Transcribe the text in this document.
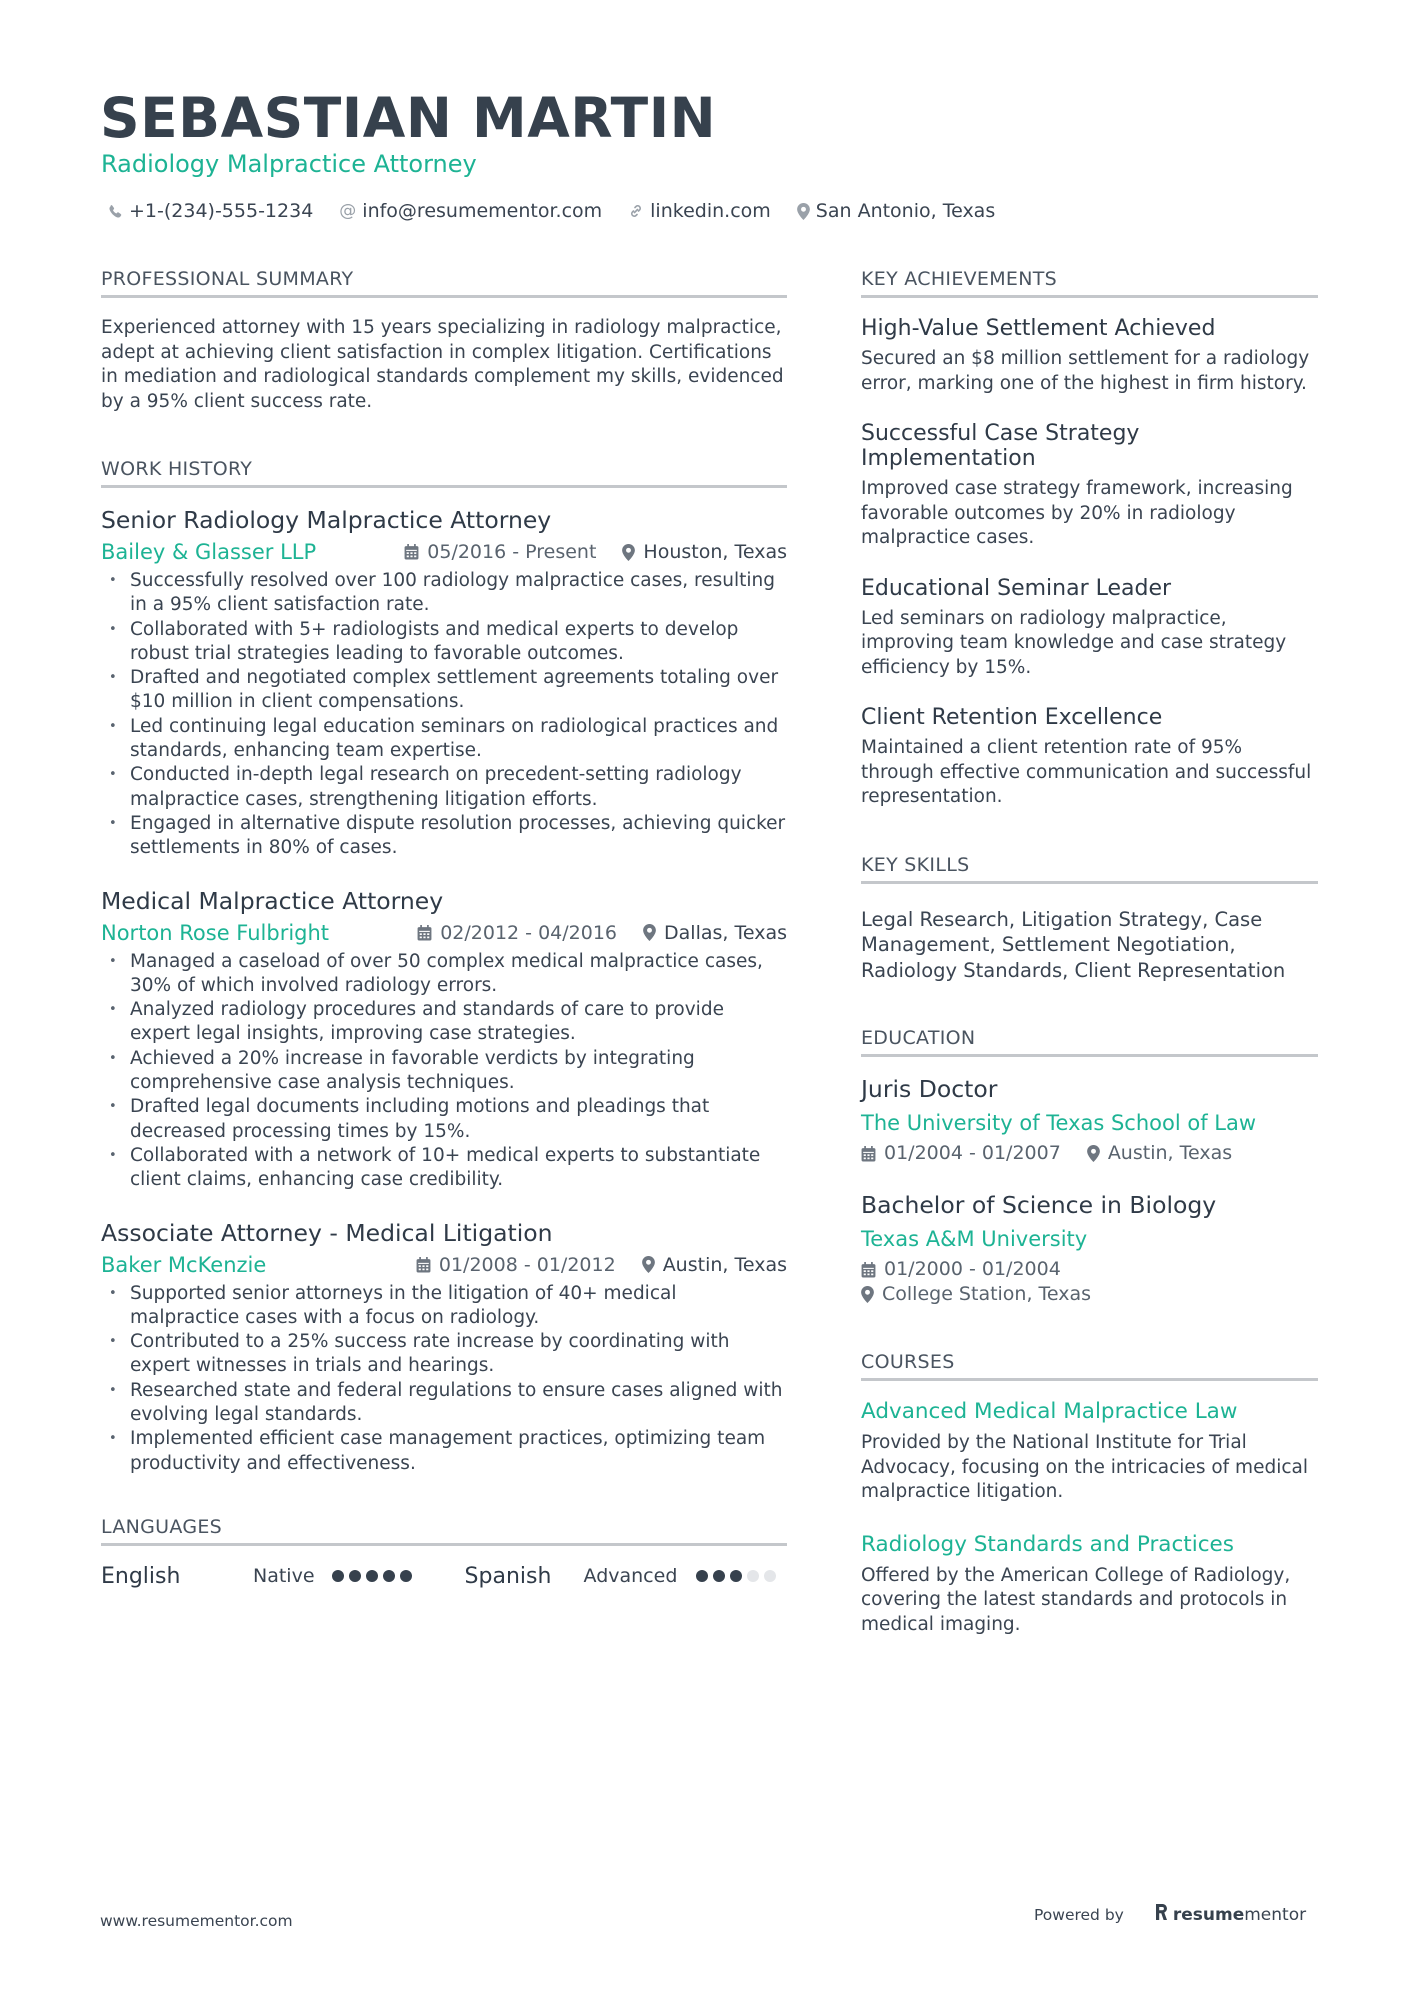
SEBASTIAN MARTIN
Radiology Malpractice Attorney
+1-(234)-555-1234 @ info@resumementor.com	linkedin.com San Antonio, Texas
PROFESSIONAL SUMMARY

Experienced attorney with 15 years specializing in radiology malpractice, adept at achieving client satisfaction in complex litigation. Certifications in mediation and radiological standards complement my skills, evidenced by a 95% client success rate.

WORK HISTORY
Senior Radiology Malpractice Attorney
Bailey & Glasser LLP	05/2016 - Present Houston, Texas
• Successfully resolved over 100 radiology malpractice cases, resulting in a 95% client satisfaction rate.
• Collaborated with 5+ radiologists and medical experts to develop robust trial strategies leading to favorable outcomes.
• Drafted and negotiated complex settlement agreements totaling over $10 million in client compensations.
• Led continuing legal education seminars on radiological practices and standards, enhancing team expertise.
• Conducted in-depth legal research on precedent-setting radiology malpractice cases, strengthening litigation efforts.
• Engaged in alternative dispute resolution processes, achieving quicker settlements in 80% of cases.
Medical Malpractice Attorney
Norton Rose Fulbright	02/2012 - 04/2016 Dallas, Texas
• Managed a caseload of over 50 complex medical malpractice cases, 30% of which involved radiology errors.
• Analyzed radiology procedures and standards of care to provide expert legal insights, improving case strategies.
• Achieved a 20% increase in favorable verdicts by integrating comprehensive case analysis techniques.
• Drafted legal documents including motions and pleadings that decreased processing times by 15%.
• Collaborated with a network of 10+ medical experts to substantiate client claims, enhancing case credibility.
Associate Attorney - Medical Litigation
Baker McKenzie	01/2008 - 01/2012 Austin, Texas
• Supported senior attorneys in the litigation of 40+ medical malpractice cases with a focus on radiology.
• Contributed to a 25% success rate increase by coordinating with expert witnesses in trials and hearings.
• Researched state and federal regulations to ensure cases aligned with evolving legal standards.
• Implemented efficient case management practices, optimizing team productivity and effectiveness.
LANGUAGES
English	Native	Spanish	Advanced
KEY ACHIEVEMENTS
High-Value Settlement Achieved
Secured an $8 million settlement for a radiology error, marking one of the highest in firm history.
Successful Case Strategy Implementation
Improved case strategy framework, increasing favorable outcomes by 20% in radiology malpractice cases.
Educational Seminar Leader
Led seminars on radiology malpractice, improving team knowledge and case strategy efficiency by 15%.
Client Retention Excellence
Maintained a client retention rate of 95% through effective communication and successful representation.
KEY SKILLS

Legal Research, Litigation Strategy, Case Management, Settlement Negotiation, Radiology Standards, Client Representation

EDUCATION
Juris Doctor
The University of Texas School of Law
01/2004 - 01/2007 Austin, Texas
Bachelor of Science in Biology
Texas A&M University
01/2000 - 01/2004
College Station, Texas
COURSES
Advanced Medical Malpractice Law
Provided by the National Institute for Trial Advocacy, focusing on the intricacies of medical malpractice litigation.
Radiology Standards and Practices
Offered by the American College of Radiology, covering the latest standards and protocols in medical imaging.
www.resumementor.com	Powered by	resume mentor
